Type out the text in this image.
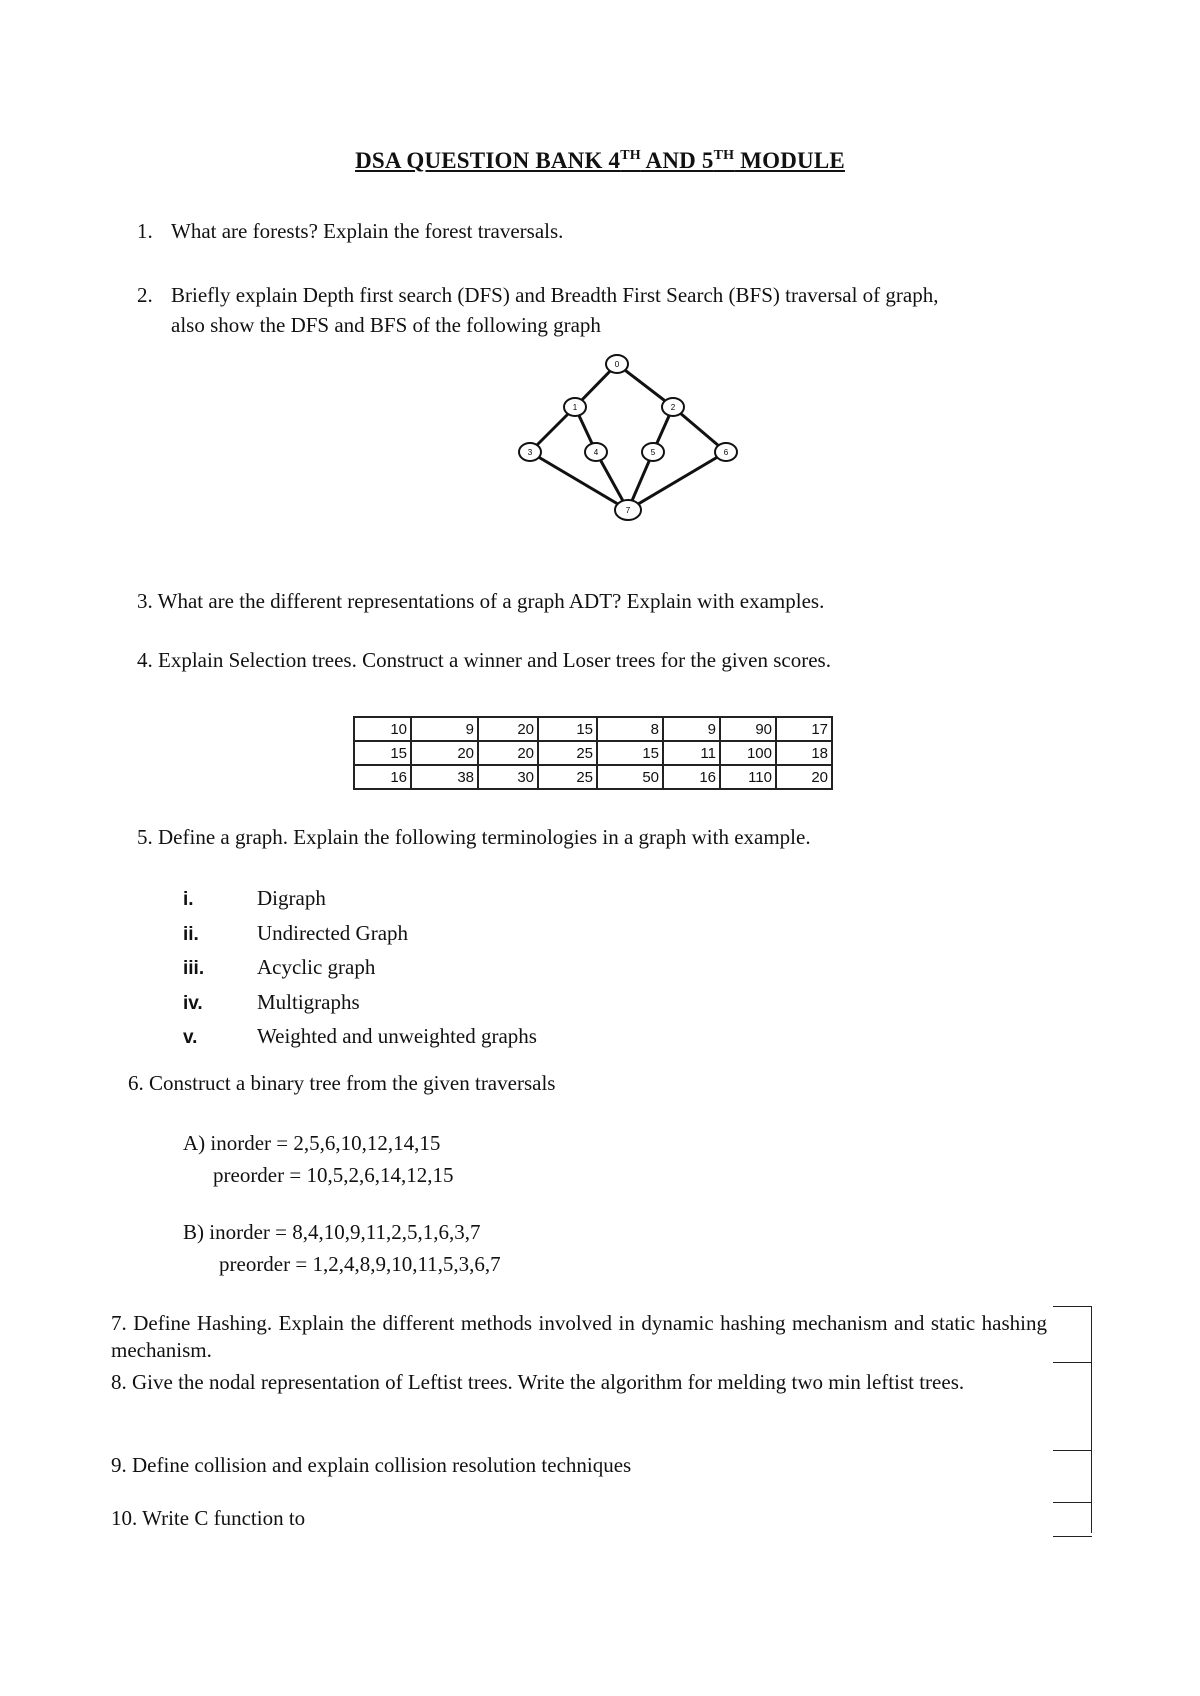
DSA QUESTION BANK 4TH AND 5TH MODULE
1. What are forests? Explain the forest traversals.
2. Briefly explain Depth first search (DFS) and Breadth First Search (BFS) traversal of graph,
also show the DFS and BFS of the following graph
0
1	2
3	4	5	6
7
3. What are the different representations of a graph ADT? Explain with examples.
4. Explain Selection trees. Construct a winner and Loser trees for the given scores.
10	9	20	15	8	9	90	17
15	20	20	25	15	11	100	18
16	38	30	25	50	16	110	20
5. Define a graph. Explain the following terminologies in a graph with example.
i.	Digraph
ii.	Undirected Graph
iii.	Acyclic graph
iv.	Multigraphs
v.	Weighted and unweighted graphs
6. Construct a binary tree from the given traversals
A) inorder = 2,5,6,10,12,14,15
preorder = 10,5,2,6,14,12,15
B) inorder = 8,4,10,9,11,2,5,1,6,3,7
preorder = 1,2,4,8,9,10,11,5,3,6,7
7. Define Hashing. Explain the different methods involved in dynamic hashing mechanism and static hashing mechanism.
8. Give the nodal representation of Leftist trees. Write the algorithm for melding two min leftist trees.
9. Define collision and explain collision resolution techniques
10. Write C function to
